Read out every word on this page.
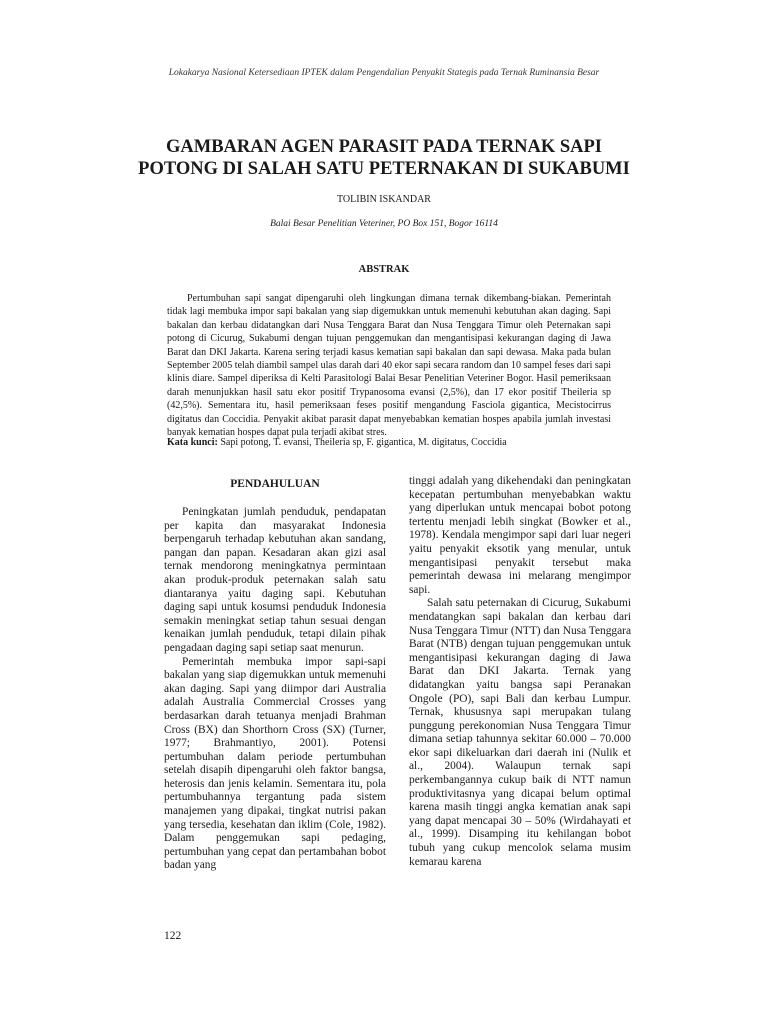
Lokakarya Nasional Ketersediaan IPTEK dalam Pengendalian Penyakit Stategis pada Ternak Ruminansia Besar
GAMBARAN AGEN PARASIT PADA TERNAK SAPI
POTONG DI SALAH SATU PETERNAKAN DI SUKABUMI
TOLIBIN ISKANDAR
Balai Besar Penelitian Veteriner, PO Box 151, Bogor 16114
ABSTRAK

Pertumbuhan sapi sangat dipengaruhi oleh lingkungan dimana ternak dikembang-biakan. Pemerintah tidak lagi membuka impor sapi bakalan yang siap digemukkan untuk memenuhi kebutuhan akan daging. Sapi bakalan dan kerbau didatangkan dari Nusa Tenggara Barat dan Nusa Tenggara Timur oleh Peternakan sapi potong di Cicurug, Sukabumi dengan tujuan penggemukan dan mengantisipasi kekurangan daging di Jawa Barat dan DKI Jakarta. Karena sering terjadi kasus kematian sapi bakalan dan sapi dewasa. Maka pada bulan September 2005 telah diambil sampel ulas darah dari 40 ekor sapi secara random dan 10 sampel feses dari sapi klinis diare. Sampel diperiksa di Kelti Parasitologi Balai Besar Penelitian Veteriner Bogor. Hasil pemeriksaan darah menunjukkan hasil satu ekor positif Trypanosoma evansi (2,5%), dan 17 ekor positif Theileria sp (42,5%). Sementara itu, hasil pemeriksaan feses positif mengandung Fasciola gigantica, Mecistocirrus digitatus dan Coccidia. Penyakit akibat parasit dapat menyebabkan kematian hospes apabila jumlah investasi banyak kematian hospes dapat pula terjadi akibat stres.

Kata kunci: Sapi potong, T. evansi, Theileria sp, F. gigantica, M. digitatus, Coccidia
PENDAHULUAN

Peningkatan jumlah penduduk, pendapatan per kapita dan masyarakat Indonesia berpengaruh terhadap kebutuhan akan sandang, pangan dan papan. Kesadaran akan gizi asal ternak mendorong meningkatnya permintaan akan produk-produk peternakan salah satu diantaranya yaitu daging sapi. Kebutuhan daging sapi untuk kosumsi penduduk Indonesia semakin meningkat setiap tahun sesuai dengan kenaikan jumlah penduduk, tetapi dilain pihak pengadaan daging sapi setiap saat menurun.

Pemerintah membuka impor sapi-sapi bakalan yang siap digemukkan untuk memenuhi akan daging. Sapi yang diimpor dari Australia adalah Australia Commercial Crosses yang berdasarkan darah tetuanya menjadi Brahman Cross (BX) dan Shorthorn Cross (SX) (Turner, 1977; Brahmantiyo, 2001). Potensi pertumbuhan dalam periode pertumbuhan setelah disapih dipengaruhi oleh faktor bangsa, heterosis dan jenis kelamin. Sementara itu, pola pertumbuhannya tergantung pada sistem manajemen yang dipakai, tingkat nutrisi pakan yang tersedia, kesehatan dan iklim (Cole, 1982). Dalam penggemukan sapi pedaging, pertumbuhan yang cepat dan pertambahan bobot badan yang

tinggi adalah yang dikehendaki dan peningkatan kecepatan pertumbuhan menyebabkan waktu yang diperlukan untuk mencapai bobot potong tertentu menjadi lebih singkat (Bowker et al., 1978). Kendala mengimpor sapi dari luar negeri yaitu penyakit eksotik yang menular, untuk mengantisipasi penyakit tersebut maka pemerintah dewasa ini melarang mengimpor sapi.

Salah satu peternakan di Cicurug, Sukabumi mendatangkan sapi bakalan dan kerbau dari Nusa Tenggara Timur (NTT) dan Nusa Tenggara Barat (NTB) dengan tujuan penggemukan untuk mengantisipasi kekurangan daging di Jawa Barat dan DKI Jakarta. Ternak yang didatangkan yaitu bangsa sapi Peranakan Ongole (PO), sapi Bali dan kerbau Lumpur. Ternak, khususnya sapi merupakan tulang punggung perekonomian Nusa Tenggara Timur dimana setiap tahunnya sekitar 60.000 – 70.000 ekor sapi dikeluarkan dari daerah ini (Nulik et al., 2004). Walaupun ternak sapi perkembangannya cukup baik di NTT namun produktivitasnya yang dicapai belum optimal karena masih tinggi angka kematian anak sapi yang dapat mencapai 30 – 50% (Wirdahayati et al., 1999). Disamping itu kehilangan bobot tubuh yang cukup mencolok selama musim kemarau karena

122
